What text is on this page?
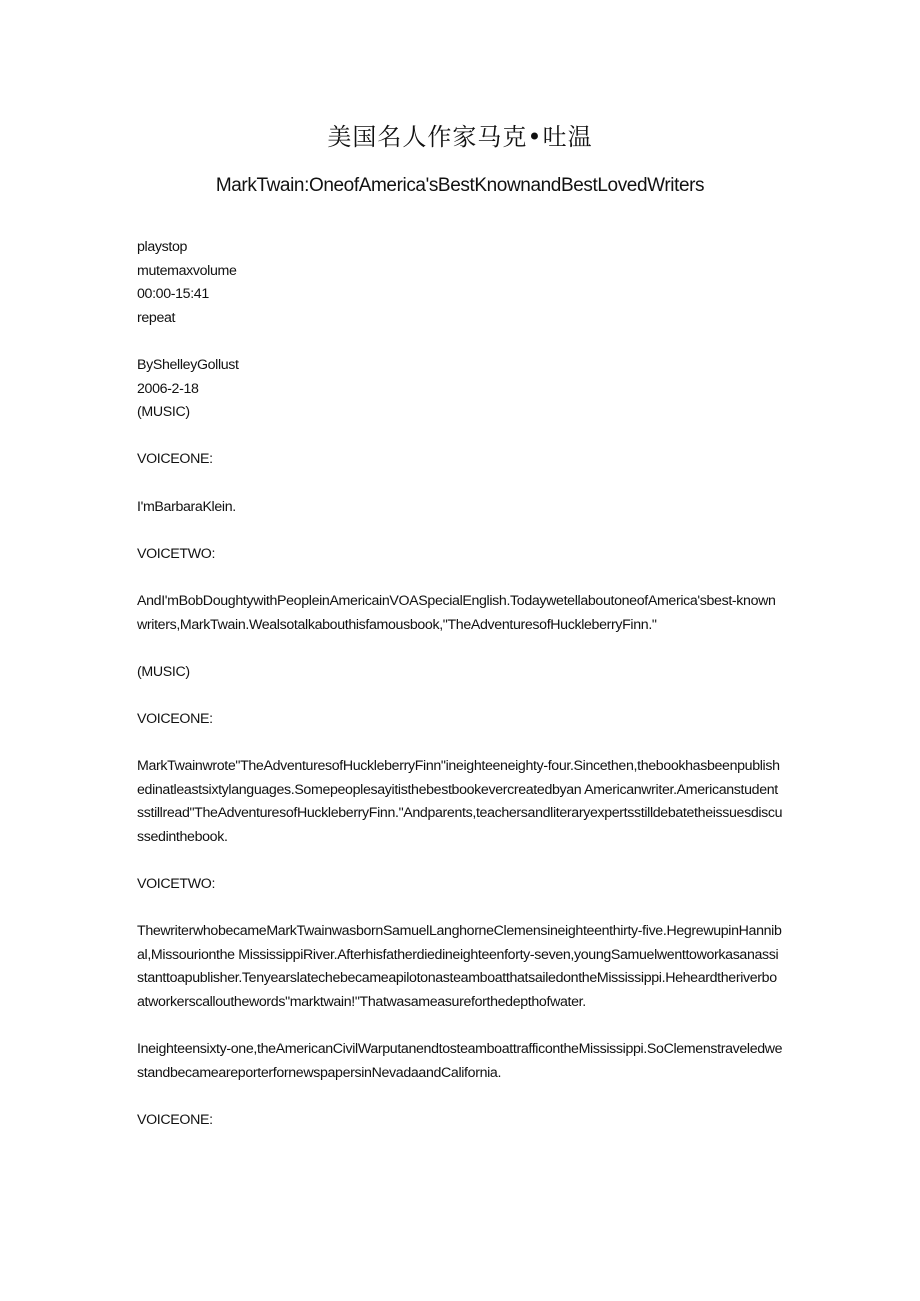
美国名人作家马克•吐温
MarkTwain:OneofAmerica'sBestKnownandBestLovedWriters

playstop

mutemaxvolume

00:00-15:41

repeat

ByShelleyGollust

2006-2-18

(MUSIC)

VOICEONE:

I'mBarbaraKlein.

VOICETWO:

AndI'mBobDoughtywithPeopleinAmericainVOASpecialEnglish.TodaywetellaboutoneofAmerica'sbest-knownwriters,MarkTwain.Wealsotalkabouthisfamousbook,"TheAdventuresofHuckleberryFinn."

(MUSIC)

VOICEONE:

MarkTwainwrote"TheAdventuresofHuckleberryFinn"ineighteeneighty-four.Sincethen,thebookhasbeenpublishedinatleastsixtylanguages.Somepeoplesayitisthebestbookevercreatedbyan Americanwriter.Americanstudentsstillread"TheAdventuresofHuckleberryFinn."Andparents,teachersandliteraryexpertsstilldebatetheissuesdiscussedinthebook.

VOICETWO:

ThewriterwhobecameMarkTwainwasbornSamuelLanghorneClemensineighteenthirty-five.HegrewupinHannibal,Missourionthe MississippiRiver.Afterhisfatherdiedineighteenforty-seven,youngSamuelwenttoworkasanassistanttoapublisher.TenyearslatechebecameapilotonasteamboatthatsailedontheMississippi.Heheardtheriverboatworkerscallouthewords"marktwain!"Thatwasameasureforthedepthofwater.

Ineighteensixty-one,theAmericanCivilWarputanendtosteamboattrafficontheMississippi.SoClemenstraveledwestandbecameareporterfornewspapersinNevadaandCalifornia.

VOICEONE:
